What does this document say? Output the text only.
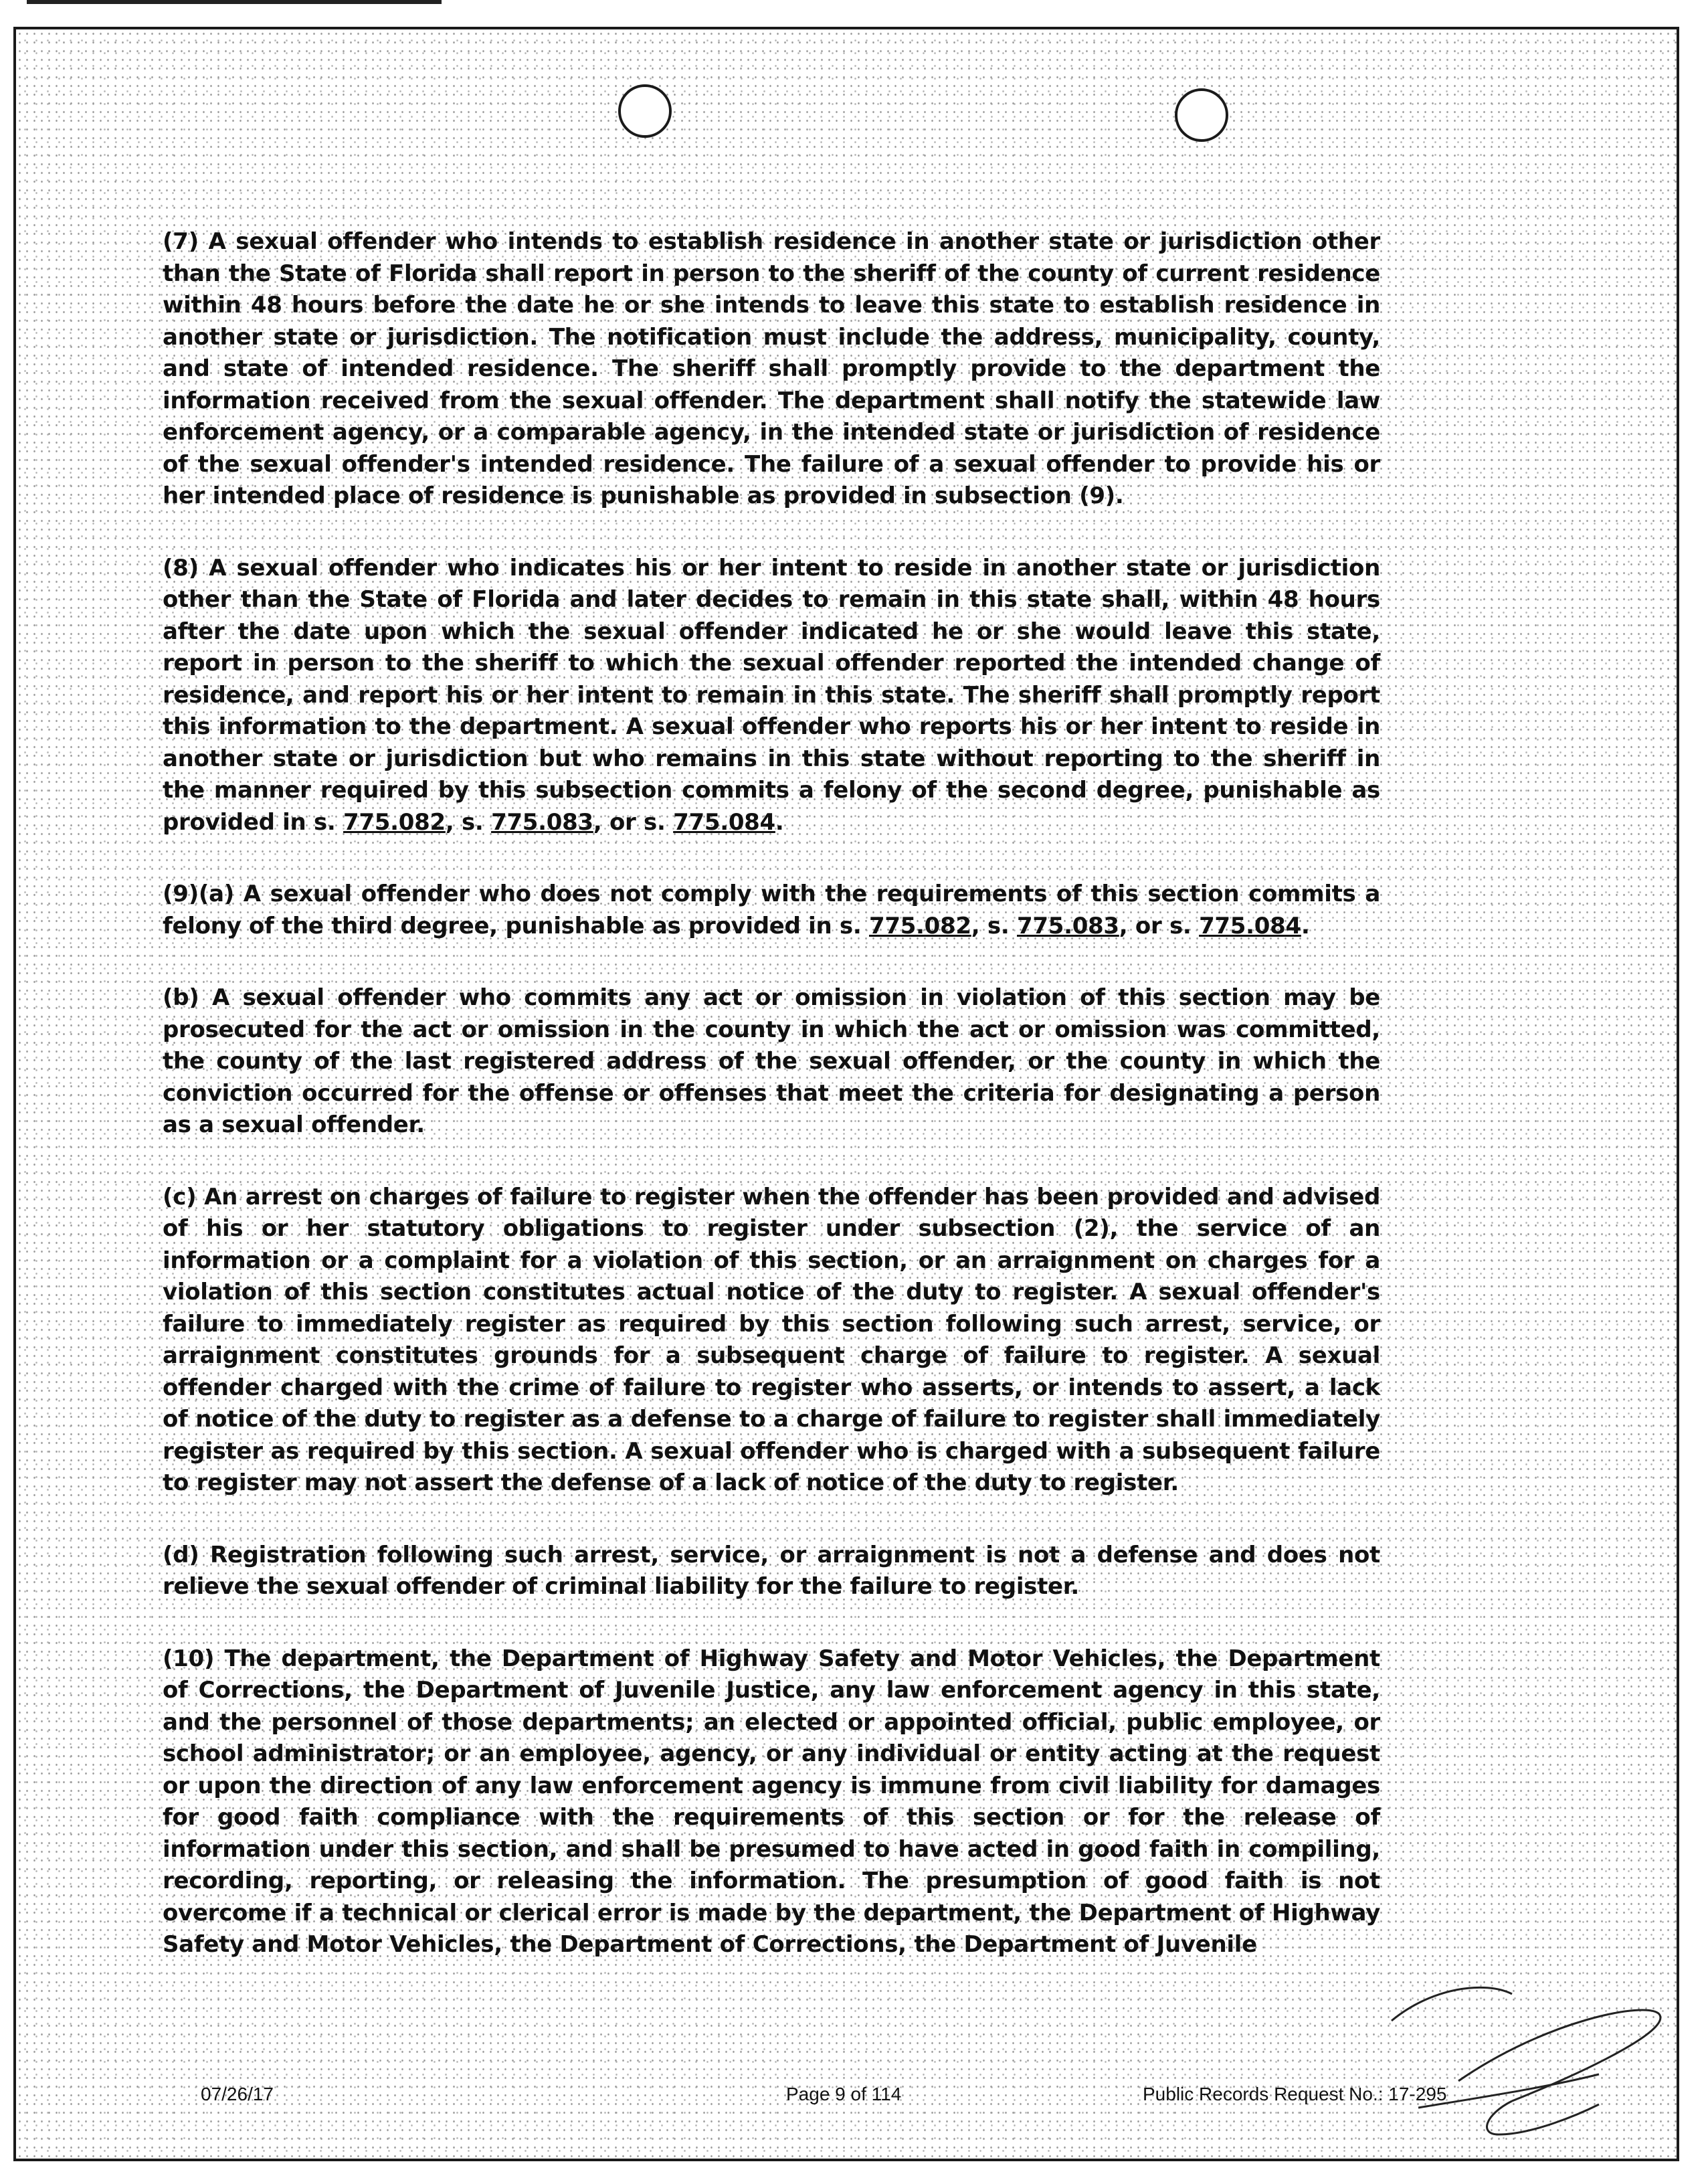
(7) A sexual offender who intends to establish residence in another state or jurisdiction other than the State of Florida shall report in person to the sheriff of the county of current residence within 48 hours before the date he or she intends to leave this state to establish residence in another state or jurisdiction. The notification must include the address, municipality, county, and state of intended residence. The sheriff shall promptly provide to the department the information received from the sexual offender. The department shall notify the statewide law enforcement agency, or a comparable agency, in the intended state or jurisdiction of residence of the sexual offender's intended residence. The failure of a sexual offender to provide his or her intended place of residence is punishable as provided in subsection (9).

(8) A sexual offender who indicates his or her intent to reside in another state or jurisdiction other than the State of Florida and later decides to remain in this state shall, within 48 hours after the date upon which the sexual offender indicated he or she would leave this state, report in person to the sheriff to which the sexual offender reported the intended change of residence, and report his or her intent to remain in this state. The sheriff shall promptly report this information to the department. A sexual offender who reports his or her intent to reside in another state or jurisdiction but who remains in this state without reporting to the sheriff in the manner required by this subsection commits a felony of the second degree, punishable as provided in s. 775.082, s. 775.083, or s. 775.084.

(9)(a) A sexual offender who does not comply with the requirements of this section commits a felony of the third degree, punishable as provided in s. 775.082, s. 775.083, or s. 775.084.

(b) A sexual offender who commits any act or omission in violation of this section may be prosecuted for the act or omission in the county in which the act or omission was committed, the county of the last registered address of the sexual offender, or the county in which the conviction occurred for the offense or offenses that meet the criteria for designating a person as a sexual offender.

(c) An arrest on charges of failure to register when the offender has been provided and advised of his or her statutory obligations to register under subsection (2), the service of an information or a complaint for a violation of this section, or an arraignment on charges for a violation of this section constitutes actual notice of the duty to register. A sexual offender's failure to immediately register as required by this section following such arrest, service, or arraignment constitutes grounds for a subsequent charge of failure to register. A sexual offender charged with the crime of failure to register who asserts, or intends to assert, a lack of notice of the duty to register as a defense to a charge of failure to register shall immediately register as required by this section. A sexual offender who is charged with a subsequent failure to register may not assert the defense of a lack of notice of the duty to register.

(d) Registration following such arrest, service, or arraignment is not a defense and does not relieve the sexual offender of criminal liability for the failure to register.

(10) The department, the Department of Highway Safety and Motor Vehicles, the Department of Corrections, the Department of Juvenile Justice, any law enforcement agency in this state, and the personnel of those departments; an elected or appointed official, public employee, or school administrator; or an employee, agency, or any individual or entity acting at the request or upon the direction of any law enforcement agency is immune from civil liability for damages for good faith compliance with the requirements of this section or for the release of information under this section, and shall be presumed to have acted in good faith in compiling, recording, reporting, or releasing the information. The presumption of good faith is not overcome if a technical or clerical error is made by the department, the Department of Highway Safety and Motor Vehicles, the Department of Corrections, the Department of Juvenile

07/26/17	Page 9 of 114	Public Records Request No.: 17-295
